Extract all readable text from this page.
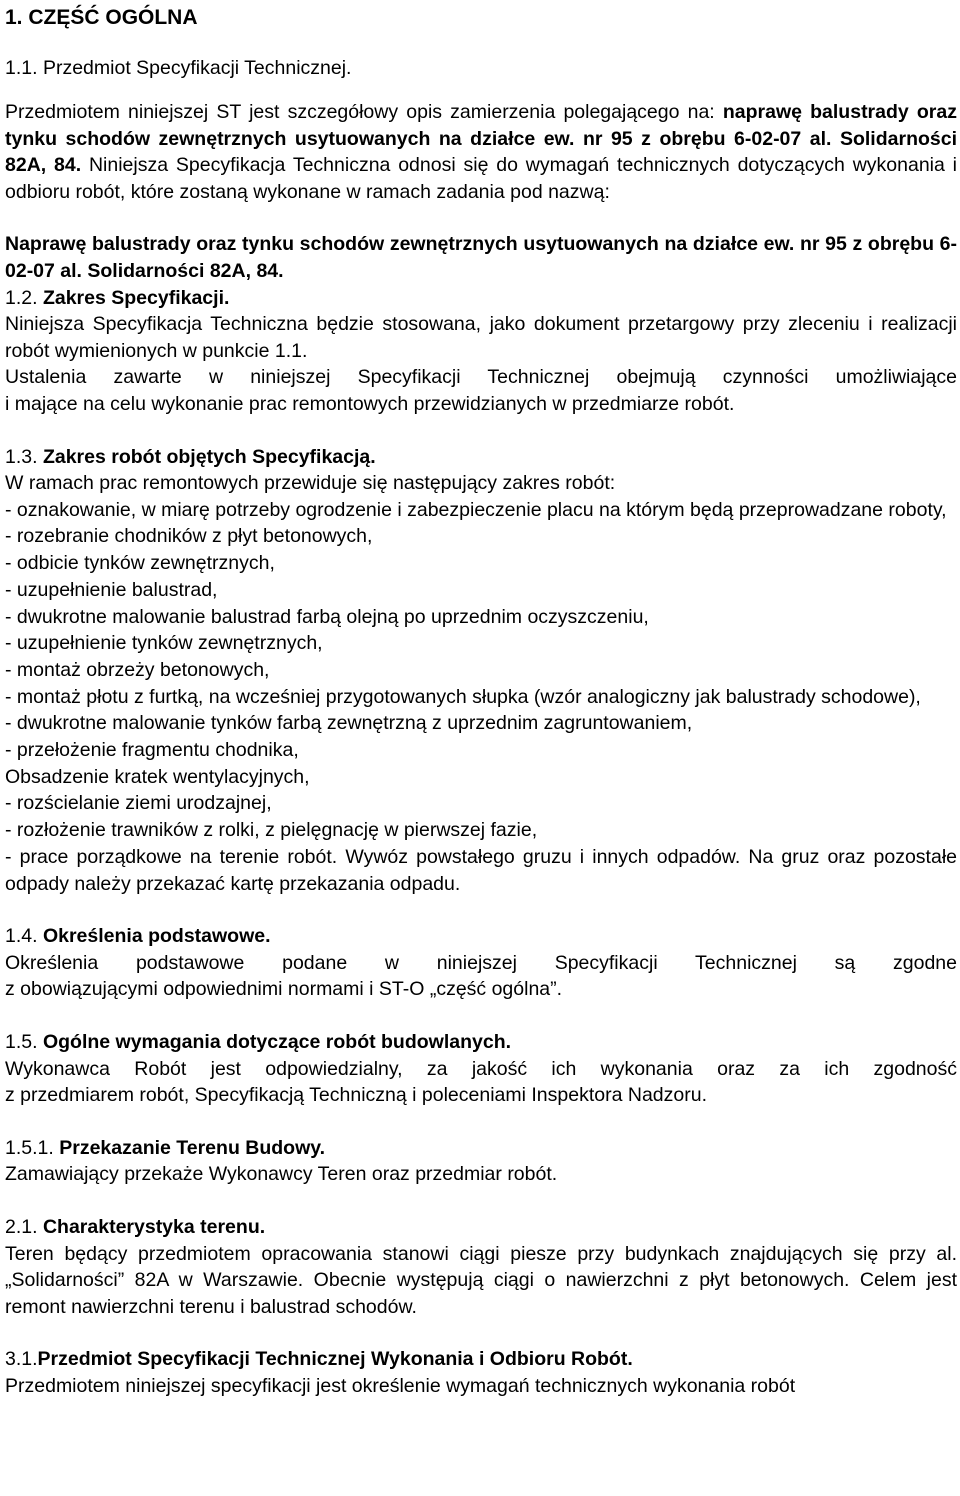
1. CZĘŚĆ OGÓLNA
1.1. Przedmiot Specyfikacji Technicznej.

Przedmiotem niniejszej ST jest szczegółowy opis zamierzenia polegającego na: naprawę balustrady oraz tynku schodów zewnętrznych usytuowanych na działce ew. nr 95 z obrębu 6-02-07 al. Solidarności 82A, 84. Niniejsza Specyfikacja Techniczna odnosi się do wymagań technicznych dotyczących wykonania i odbioru robót, które zostaną wykonane w ramach zadania pod nazwą:

Naprawę balustrady oraz tynku schodów zewnętrznych usytuowanych na działce ew. nr 95 z obrębu 6-02-07 al. Solidarności 82A, 84.

1.2. Zakres Specyfikacji.

Niniejsza Specyfikacja Techniczna będzie stosowana, jako dokument przetargowy przy zleceniu i realizacji robót wymienionych w punkcie 1.1.

Ustalenia zawarte w niniejszej Specyfikacji Technicznej obejmują czynności umożliwiające

i mające na celu wykonanie prac remontowych przewidzianych w przedmiarze robót.

1.3. Zakres robót objętych Specyfikacją.

W ramach prac remontowych przewiduje się następujący zakres robót:

- oznakowanie, w miarę potrzeby ogrodzenie i zabezpieczenie placu na którym będą przeprowadzane roboty,
- rozebranie chodników z płyt betonowych,
- odbicie tynków zewnętrznych,
- uzupełnienie balustrad,
- dwukrotne malowanie balustrad farbą olejną po uprzednim oczyszczeniu,
- uzupełnienie tynków zewnętrznych,
- montaż obrzeży betonowych,
- montaż płotu z furtką, na wcześniej przygotowanych słupka (wzór analogiczny jak balustrady schodowe),
- dwukrotne malowanie tynków farbą zewnętrzną z uprzednim zagruntowaniem,
- przełożenie fragmentu chodnika,
Obsadzenie kratek wentylacyjnych,
- rozścielanie ziemi urodzajnej,
- rozłożenie trawników z rolki, z pielęgnację w pierwszej fazie,
- prace porządkowe na terenie robót. Wywóz powstałego gruzu i innych odpadów. Na gruz oraz pozostałe odpady należy przekazać kartę przekazania odpadu.

1.4. Określenia podstawowe.

Określenia podstawowe podane w niniejszej Specyfikacji Technicznej są zgodne

z obowiązującymi odpowiednimi normami i ST-O „część ogólna”.

1.5. Ogólne wymagania dotyczące robót budowlanych.

Wykonawca Robót jest odpowiedzialny, za jakość ich wykonania oraz za ich zgodność

z przedmiarem robót, Specyfikacją Techniczną i poleceniami Inspektora Nadzoru.

1.5.1. Przekazanie Terenu Budowy.

Zamawiający przekaże Wykonawcy Teren oraz przedmiar robót.

2.1. Charakterystyka terenu.

Teren będący przedmiotem opracowania stanowi ciągi piesze przy budynkach znajdujących się przy al. „Solidarności” 82A w Warszawie. Obecnie występują ciągi o nawierzchni z płyt betonowych. Celem jest remont nawierzchni terenu i balustrad schodów.

3.1.Przedmiot Specyfikacji Technicznej Wykonania i Odbioru Robót.

Przedmiotem niniejszej specyfikacji jest określenie wymagań technicznych wykonania robót
